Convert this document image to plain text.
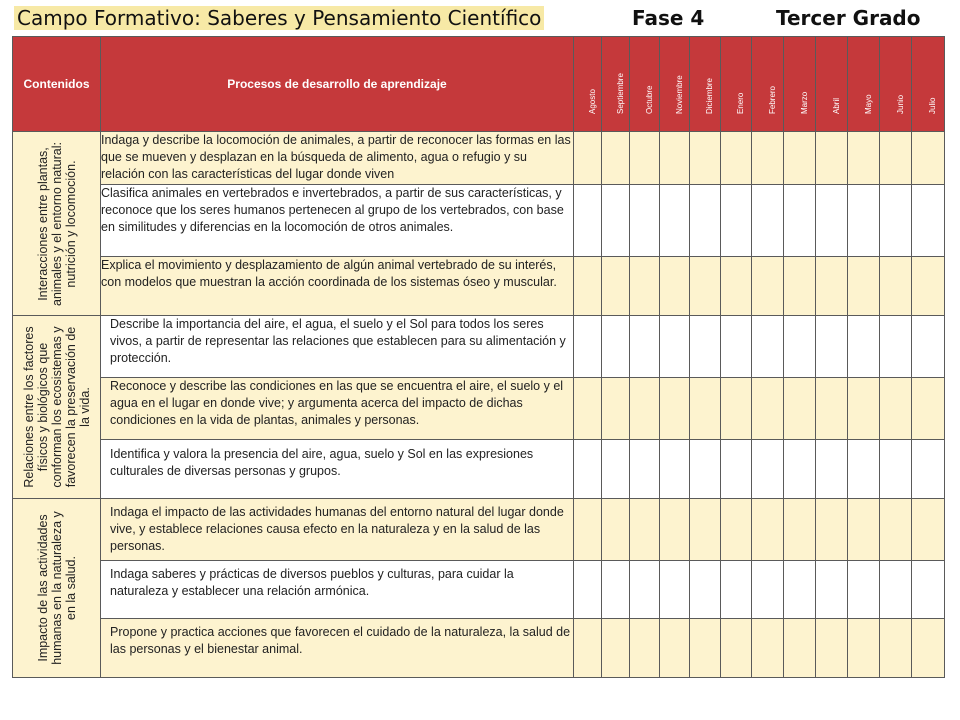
Campo Formativo: Saberes y Pensamiento Científico	Fase 4	Tercer Grado
Contenidos	Procesos de desarrollo de aprendizaje	Agosto	Septiembre	Octubre	Noviembre	Diciembre	Enero	Febrero	Marzo	Abril	Mayo	Junio	Julio

Interacciones entre plantas, animales y el entorno natural: nutrición y locomoción.	Indaga y describe la locomoción de animales, a partir de reconocer las formas en las que se mueven y desplazan en la búsqueda de alimento, agua o refugio y su relación con las características del lugar donde viven												
	Clasifica animales en vertebrados e invertebrados, a partir de sus características, y reconoce que los seres humanos pertenecen al grupo de los vertebrados, con base en similitudes y diferencias en la locomoción de otros animales.												
	Explica el movimiento y desplazamiento de algún animal vertebrado de su interés, con modelos que muestran la acción coordinada de los sistemas óseo y muscular.												

Relaciones entre los factores físicos y biológicos que conforman los ecosistemas y favorecen la preservación de la vida.	Describe la importancia del aire, el agua, el suelo y el Sol para todos los seres vivos, a partir de representar las relaciones que establecen para su alimentación y protección.												
	Reconoce y describe las condiciones en las que se encuentra el aire, el suelo y el agua en el lugar en donde vive; y argumenta acerca del impacto de dichas condiciones en la vida de plantas, animales y personas.												
	Identifica y valora la presencia del aire, agua, suelo y Sol en las expresiones culturales de diversas personas y grupos.												

Impacto de las actividades humanas en la naturaleza y en la salud.	Indaga el impacto de las actividades humanas del entorno natural del lugar donde vive, y establece relaciones causa efecto en la naturaleza y en la salud de las personas.												
	Indaga saberes y prácticas de diversos pueblos y culturas, para cuidar la naturaleza y establecer una relación armónica.												
	Propone y practica acciones que favorecen el cuidado de la naturaleza, la salud de las personas y el bienestar animal.												
